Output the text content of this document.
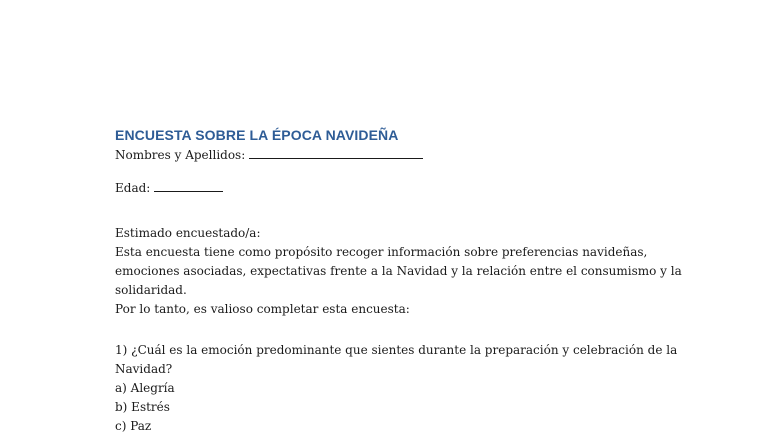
ENCUESTA SOBRE LA ÉPOCA NAVIDEÑA

Nombres y Apellidos:

Edad:

Estimado encuestado/a:

Esta encuesta tiene como propósito recoger información sobre preferencias navideñas,

emociones asociadas, expectativas frente a la Navidad y la relación entre el consumismo y la

solidaridad.

Por lo tanto, es valioso completar esta encuesta:

1) ¿Cuál es la emoción predominante que sientes durante la preparación y celebración de la

Navidad?

a) Alegría

b) Estrés

c) Paz
